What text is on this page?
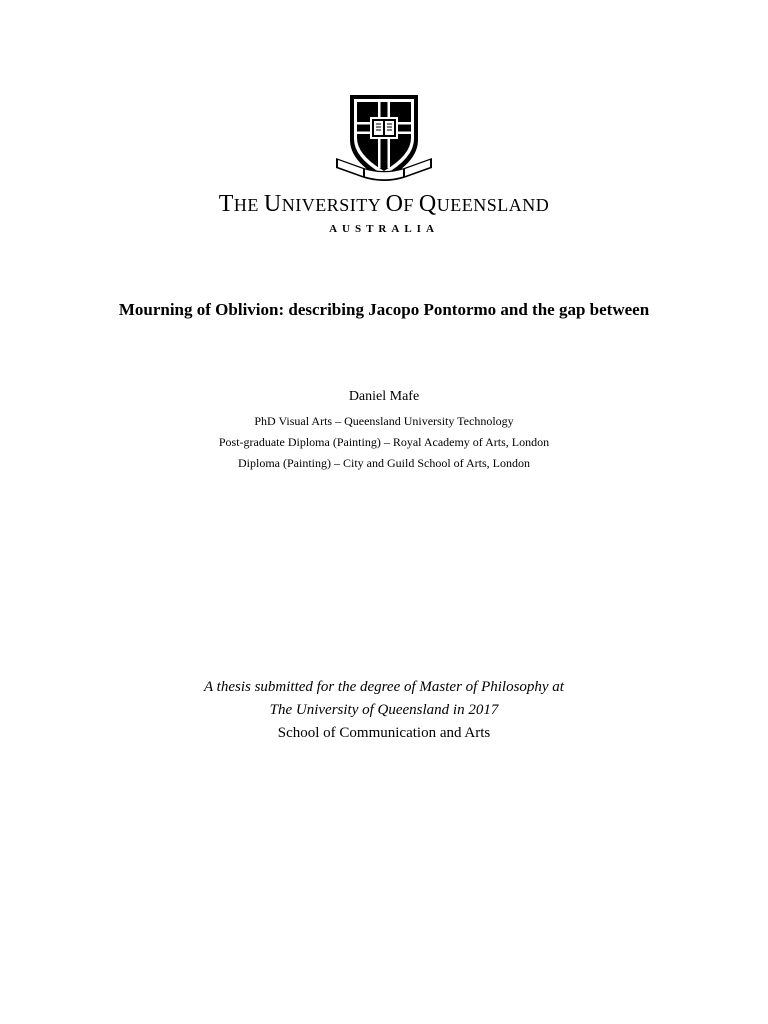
THE UNIVERSITY OF QUEENSLAND
AUSTRALIA
Mourning of Oblivion: describing Jacopo Pontormo and the gap between
Daniel Mafe
PhD Visual Arts – Queensland University Technology
Post-graduate Diploma (Painting) – Royal Academy of Arts, London
Diploma (Painting) – City and Guild School of Arts, London
A thesis submitted for the degree of Master of Philosophy at
The University of Queensland in 2017
School of Communication and Arts
